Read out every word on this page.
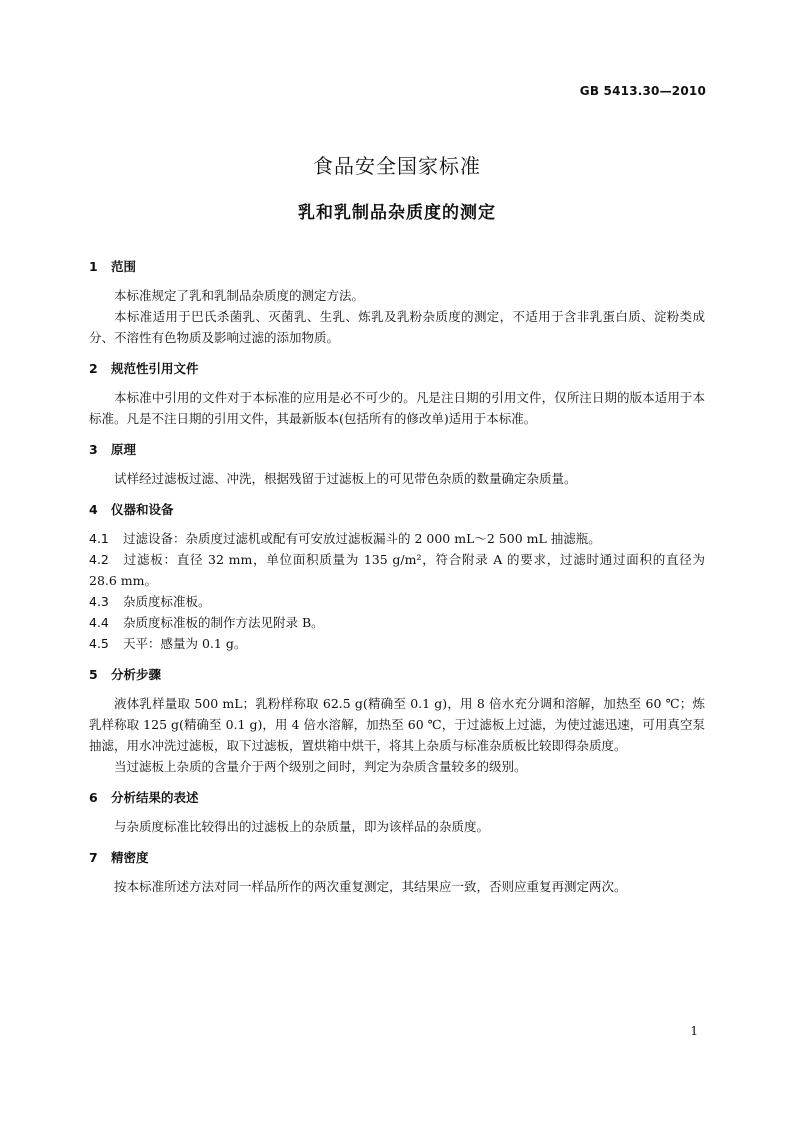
GB 5413.30—2010
食品安全国家标准
乳和乳制品杂质度的测定
1 范围

本标准规定了乳和乳制品杂质度的测定方法。

本标准适用于巴氏杀菌乳、灭菌乳、生乳、炼乳及乳粉杂质度的测定，不适用于含非乳蛋白质、淀粉类成分、不溶性有色物质及影响过滤的添加物质。

2 规范性引用文件

本标准中引用的文件对于本标准的应用是必不可少的。凡是注日期的引用文件，仅所注日期的版本适用于本标准。凡是不注日期的引用文件，其最新版本(包括所有的修改单)适用于本标准。

3 原理

试样经过滤板过滤、冲洗，根据残留于过滤板上的可见带色杂质的数量确定杂质量。

4 仪器和设备

4.1 过滤设备：杂质度过滤机或配有可安放过滤板漏斗的 2 000 mL～2 500 mL 抽滤瓶。

4.2 过滤板：直径 32 mm，单位面积质量为 135 g/m²，符合附录 A 的要求，过滤时通过面积的直径为 28.6 mm。

4.3 杂质度标准板。

4.4 杂质度标准板的制作方法见附录 B。

4.5 天平：感量为 0.1 g。

5 分析步骤

液体乳样量取 500 mL；乳粉样称取 62.5 g(精确至 0.1 g)，用 8 倍水充分调和溶解，加热至 60 ℃；炼乳样称取 125 g(精确至 0.1 g)，用 4 倍水溶解，加热至 60 ℃，于过滤板上过滤，为使过滤迅速，可用真空泵抽滤，用水冲洗过滤板，取下过滤板，置烘箱中烘干，将其上杂质与标准杂质板比较即得杂质度。

当过滤板上杂质的含量介于两个级别之间时，判定为杂质含量较多的级别。

6 分析结果的表述

与杂质度标准比较得出的过滤板上的杂质量，即为该样品的杂质度。

7 精密度

按本标准所述方法对同一样品所作的两次重复测定，其结果应一致，否则应重复再测定两次。

1
